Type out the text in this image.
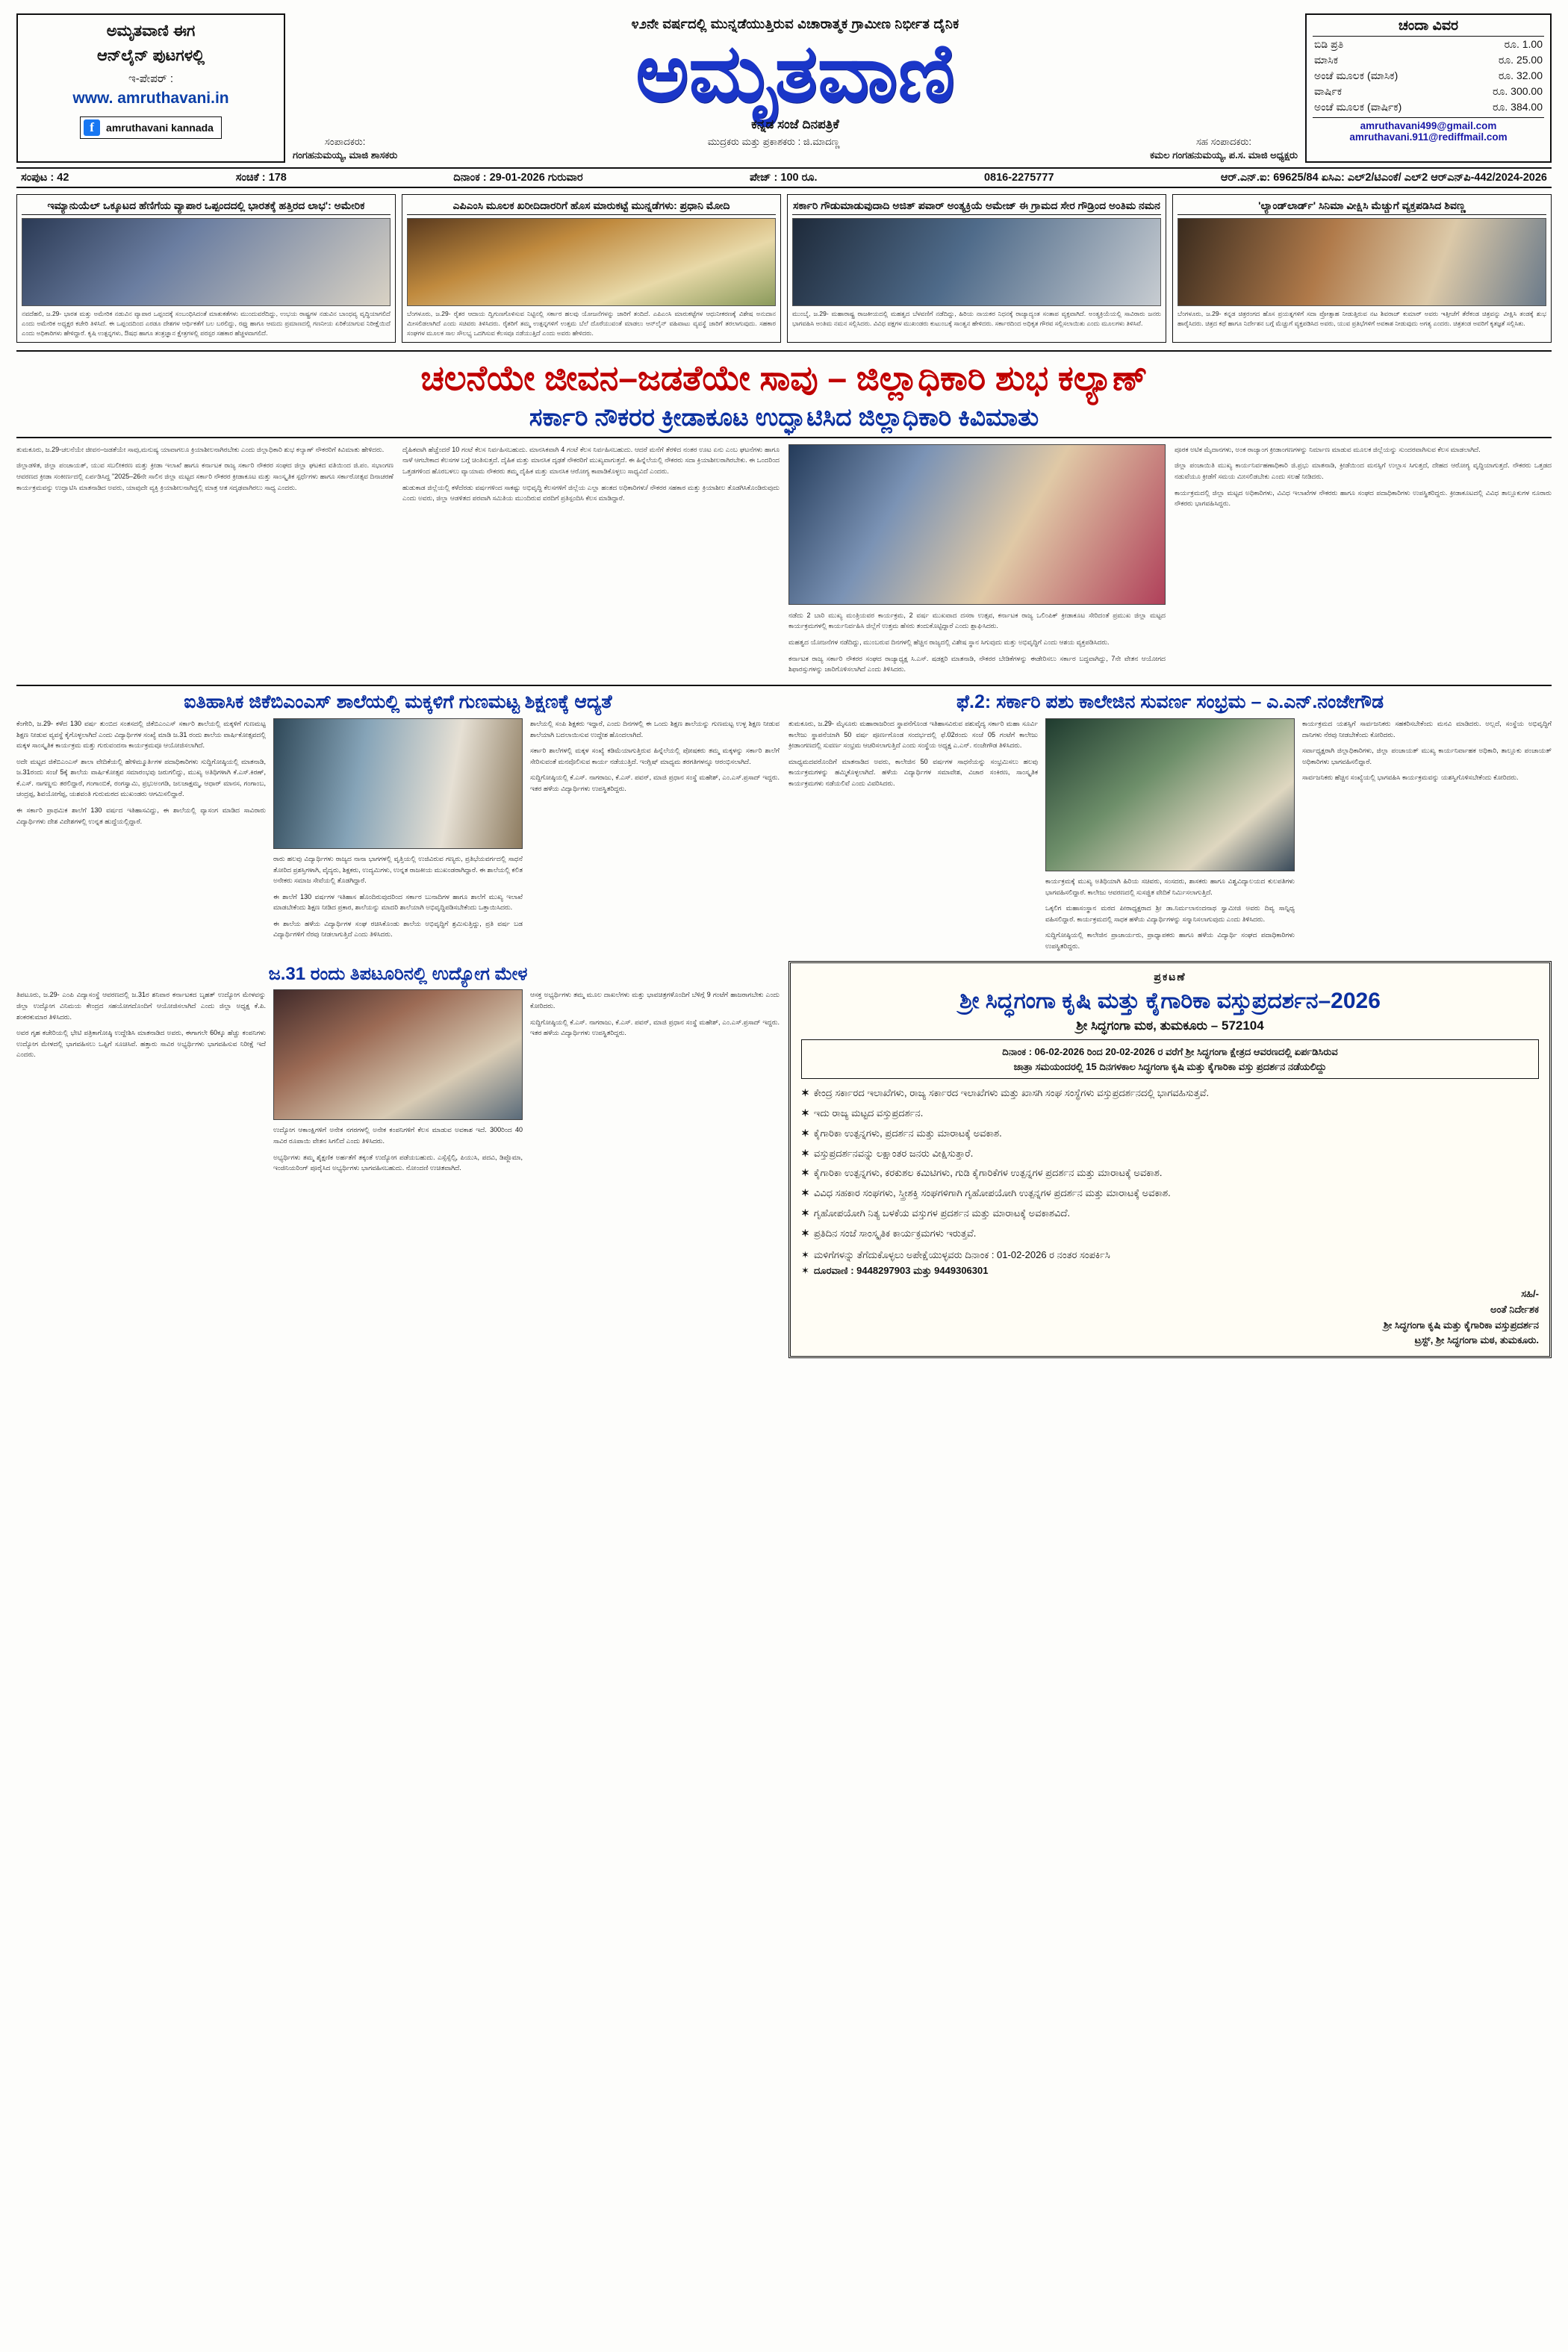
ಅಮೃತವಾಣಿ ಈಗ
ಆನ್‌ಲೈನ್ ಪುಟಗಳಲ್ಲಿ
ಇ-ಪೇಪರ್ :
www. amruthavani.in
f	amruthavani kannada
೪೨ನೇ ವರ್ಷದಲ್ಲಿ ಮುನ್ನಡೆಯುತ್ತಿರುವ ವಿಚಾರಾತ್ಮಕ ಗ್ರಾಮೀಣ ನಿರ್ಭೀತ ದೈನಿಕ
ಅಮೃತವಾಣಿ
ಕನ್ನಡ ಸಂಜೆ ದಿನಪತ್ರಿಕೆ
ಸಂಪಾದಕರು:
ಗಂಗಹನುಮಯ್ಯ, ಮಾಜಿ ಶಾಸಕರು
ಮುದ್ರಕರು ಮತ್ತು ಪ್ರಕಾಶಕರು : ಜಿ.ಮಾದಣ್ಣ	ಸಹ ಸಂಪಾದಕರು:
ಕಮಲ ಗಂಗಹನುಮಯ್ಯ, ಪ.ಸ. ಮಾಜಿ ಅಧ್ಯಕ್ಷರು
ಚಂದಾ ವಿವರ
ಬಿಡಿ ಪ್ರತಿ	ರೂ. 1.00
ಮಾಸಿಕ	ರೂ. 25.00
ಅಂಚೆ ಮೂಲಕ (ಮಾಸಿಕ)	ರೂ. 32.00
ವಾರ್ಷಿಕ	ರೂ. 300.00
ಅಂಚೆ ಮೂಲಕ (ವಾರ್ಷಿಕ)	ರೂ. 384.00
amruthavani499@gmail.com
amruthavani.911@rediffmail.com
ಸಂಪುಟ : 42	ಸಂಚಿಕೆ : 178	ದಿನಾಂಕ : 29-01-2026 ಗುರುವಾರ	ಪೇಜ್ : 100 ರೂ.	0816-2275777	ಆರ್.ಎನ್.ಐ: 69625/84 ಏಸಿಎ: ಎಲ್2/ಟಿಎಂಕೆ/ ಎಲ್2 ಆರ್‌ಎನ್‌ಪಿ-442/2024-2026
ಇಮ್ಯಾನುಯೆಲ್ ಒಕ್ಕೂಟದ ಹೆಣಿಗೆಯ ವ್ಯಾಪಾರ ಒಪ್ಪಂದದಲ್ಲಿ ಭಾರತಕ್ಕೆ ಹತ್ತಿರದ ಲಾಭ': ಅಮೇರಿಕ
ನವದೆಹಲಿ, ಜ.29- ಭಾರತ ಮತ್ತು ಅಮೇರಿಕ ನಡುವಿನ ವ್ಯಾಪಾರ ಒಪ್ಪಂದಕ್ಕೆ ಸಂಬಂಧಿಸಿದಂತೆ ಮಾತುಕತೆಗಳು ಮುಂದುವರೆದಿದ್ದು, ಉಭಯ ರಾಷ್ಟ್ರಗಳ ನಡುವಿನ ಬಾಂಧವ್ಯ ವೃದ್ಧಿಯಾಗಲಿದೆ ಎಂದು ಅಮೇರಿಕ ಅಧ್ಯಕ್ಷರ ಕಚೇರಿ ತಿಳಿಸಿದೆ. ಈ ಒಪ್ಪಂದದಿಂದ ಎರಡೂ ದೇಶಗಳ ಆರ್ಥಿಕತೆಗೆ ಬಲ ಬರಲಿದ್ದು, ರಫ್ತು ಹಾಗೂ ಆಮದು ಪ್ರಮಾಣದಲ್ಲಿ ಗಣನೀಯ ಏರಿಕೆಯಾಗುವ ನಿರೀಕ್ಷೆಯಿದೆ ಎಂದು ಅಧಿಕಾರಿಗಳು ಹೇಳಿದ್ದಾರೆ. ಕೃಷಿ ಉತ್ಪನ್ನಗಳು, ಔಷಧ ಹಾಗೂ ತಂತ್ರಜ್ಞಾನ ಕ್ಷೇತ್ರಗಳಲ್ಲಿ ಪರಸ್ಪರ ಸಹಕಾರ ಹೆಚ್ಚಳವಾಗಲಿದೆ.
ಎಪಿಎಂಸಿ ಮೂಲಕ ಖರೀದಿದಾರರಿಗೆ ಹೊಸ ಮಾರುಕಟ್ಟೆ ಮುನ್ನಡೆಗಳು: ಪ್ರಧಾನಿ ಮೋದಿ
ಬೆಂಗಳೂರು, ಜ.29- ರೈತರ ಆದಾಯ ದ್ವಿಗುಣಗೊಳಿಸುವ ನಿಟ್ಟಿನಲ್ಲಿ ಸರ್ಕಾರ ಹಲವು ಯೋಜನೆಗಳನ್ನು ಜಾರಿಗೆ ತಂದಿದೆ. ಎಪಿಎಂಸಿ ಮಾರುಕಟ್ಟೆಗಳ ಆಧುನೀಕರಣಕ್ಕೆ ವಿಶೇಷ ಅನುದಾನ ಮೀಸಲಿಡಲಾಗಿದೆ ಎಂದು ಸಚಿವರು ತಿಳಿಸಿದರು. ರೈತರಿಗೆ ತಮ್ಮ ಉತ್ಪನ್ನಗಳಿಗೆ ಉತ್ತಮ ಬೆಲೆ ದೊರೆಯುವಂತೆ ಮಾಡಲು ಆನ್‌ಲೈನ್ ವಹಿವಾಟು ವ್ಯವಸ್ಥೆ ಜಾರಿಗೆ ತರಲಾಗುವುದು. ಸಹಕಾರ ಸಂಘಗಳ ಮೂಲಕ ಸಾಲ ಸೌಲಭ್ಯ ಒದಗಿಸುವ ಕೆಲಸವೂ ನಡೆಯುತ್ತಿದೆ ಎಂದು ಅವರು ಹೇಳಿದರು.
ಸರ್ಕಾರಿ ಗೌಡುಮಾಡುವುದಾದಿ ಅಜಿತ್ ಪವಾರ್ ಅಂತ್ಯಕ್ರಿಯೆ ಅಮೇಜ್ ಈ ಗ್ರಾಮದ ಸೇರ ಗೌಡ್ರಿಂದ ಅಂತಿಮ ನಮನ
ಮುಂಬೈ, ಜ.29- ಮಹಾರಾಷ್ಟ್ರ ರಾಜಕೀಯದಲ್ಲಿ ಮಹತ್ವದ ಬೆಳವಣಿಗೆ ನಡೆದಿದ್ದು, ಹಿರಿಯ ನಾಯಕರ ನಿಧನಕ್ಕೆ ರಾಜ್ಯಾದ್ಯಂತ ಸಂತಾಪ ವ್ಯಕ್ತವಾಗಿದೆ. ಅಂತ್ಯಕ್ರಿಯೆಯಲ್ಲಿ ಸಾವಿರಾರು ಜನರು ಭಾಗವಹಿಸಿ ಅಂತಿಮ ನಮನ ಸಲ್ಲಿಸಿದರು. ವಿವಿಧ ಪಕ್ಷಗಳ ಮುಖಂಡರು ಕುಟುಂಬಕ್ಕೆ ಸಾಂತ್ವನ ಹೇಳಿದರು. ಸರ್ಕಾರದಿಂದ ಅಧಿಕೃತ ಗೌರವ ಸಲ್ಲಿಸಲಾಯಿತು ಎಂದು ಮೂಲಗಳು ತಿಳಿಸಿವೆ.
'ಲ್ಯಾಂಡ್‌ಲಾರ್ಡ್' ಸಿನಿಮಾ ವೀಕ್ಷಿಸಿ ಮೆಚ್ಚುಗೆ ವ್ಯಕ್ತಪಡಿಸಿದ ಶಿವಣ್ಣ
ಬೆಂಗಳೂರು, ಜ.29- ಕನ್ನಡ ಚಿತ್ರರಂಗದ ಹೊಸ ಪ್ರಯತ್ನಗಳಿಗೆ ಸದಾ ಪ್ರೋತ್ಸಾಹ ನೀಡುತ್ತಿರುವ ನಟ ಶಿವರಾಜ್ ಕುಮಾರ್ ಅವರು ಇತ್ತೀಚೆಗೆ ತೆರೆಕಂಡ ಚಿತ್ರವನ್ನು ವೀಕ್ಷಿಸಿ ತಂಡಕ್ಕೆ ಶುಭ ಹಾರೈಸಿದರು. ಚಿತ್ರದ ಕಥೆ ಹಾಗೂ ನಿರ್ದೇಶನ ಬಗ್ಗೆ ಮೆಚ್ಚುಗೆ ವ್ಯಕ್ತಪಡಿಸಿದ ಅವರು, ಯುವ ಪ್ರತಿಭೆಗಳಿಗೆ ಅವಕಾಶ ನೀಡುವುದು ಅಗತ್ಯ ಎಂದರು. ಚಿತ್ರತಂಡ ಅವರಿಗೆ ಕೃತಜ್ಞತೆ ಸಲ್ಲಿಸಿತು.
ಚಲನೆಯೇ ಜೀವನ–ಜಡತೆಯೇ ಸಾವು – ಜಿಲ್ಲಾಧಿಕಾರಿ ಶುಭ ಕಲ್ಯಾಣ್
ಸರ್ಕಾರಿ ನೌಕರರ ಕ್ರೀಡಾಕೂಟ ಉದ್ಘಾಟಿಸಿದ ಜಿಲ್ಲಾಧಿಕಾರಿ ಕಿವಿಮಾತು

ತುಮಕೂರು, ಜ.29-ಚಲನೆಯೇ ಜೀವನ–ಜಡತೆಯೇ ಸಾವು,ಮನುಷ್ಯ ಯಾವಾಗಲೂ ಕ್ರಿಯಾಶೀಲನಾಗಿರಬೇಕು ಎಂದು ಜಿಲ್ಲಾಧಿಕಾರಿ ಶುಭ ಕಲ್ಯಾಣ್ ನೌಕರರಿಗೆ ಕಿವಿಮಾತು ಹೇಳಿದರು.

ಜಿಲ್ಲಾಡಳಿತ, ಜಿಲ್ಲಾ ಪಂಚಾಯತ್, ಯುವ ಸಬಲೀಕರಣ ಮತ್ತು ಕ್ರೀಡಾ ಇಲಾಖೆ ಹಾಗೂ ಕರ್ನಾಟಕ ರಾಜ್ಯ ಸರ್ಕಾರಿ ನೌಕರರ ಸಂಘದ ಜಿಲ್ಲಾ ಘಟಕದ ವತಿಯಿಂದ ಜಿ.ಪಂ. ಸಭಾಂಗಣ ಆವರಣದ ಕ್ರೀಡಾ ಸಂಕೀರ್ಣದಲ್ಲಿ ಏರ್ಪಡಿಸಿದ್ದ "2025–26ನೇ ಸಾಲಿನ ಜಿಲ್ಲಾ ಮಟ್ಟದ ಸರ್ಕಾರಿ ನೌಕರರ ಕ್ರೀಡಾಕೂಟ ಮತ್ತು ಸಾಂಸ್ಕೃತಿಕ ಸ್ಪರ್ಧೆಗಳು ಹಾಗೂ ಸರ್ಕಾರೋತ್ಸವ ದಿನಾಚರಣೆ ಕಾರ್ಯಕ್ರಮವನ್ನು ಉದ್ಘಾಟಿಸಿ ಮಾತನಾಡಿದ ಅವರು, ಯಾವುದೇ ವ್ಯಕ್ತಿ ಕ್ರಿಯಾಶೀಲನಾಗಿದ್ದಲ್ಲಿ ಮಾತ್ರ ಆತ ಸದೃಢವಾಗಿರಲು ಸಾಧ್ಯ ಎಂದರು.

ದೈಹಿಕವಾಗಿ ಹೆಚ್ಚೆಂದರೆ 10 ಗಂಟೆ ಕೆಲಸ ನಿರ್ವಹಿಸಬಹುದು. ಮಾನಸಿಕವಾಗಿ 4 ಗಂಟೆ ಕೆಲಸ ನಿರ್ವಹಿಸಬಹುದು. ಆದರೆ ಮನೆಗೆ ತೆರಳಿದ ನಂತರ ಊಟ ಏನು ಎಂಬ ಘಟನೆಗಳು ಹಾಗೂ ನಾಳೆ ಆಗಬೇಕಾದ ಕೆಲಸಗಳ ಬಗ್ಗೆ ಚಿಂತಿಸುತ್ತದೆ. ದೈಹಿಕ ಮತ್ತು ಮಾನಸಿಕ ದೃಢತೆ ನೌಕರರಿಗೆ ಮುಖ್ಯವಾಗುತ್ತದೆ. ಈ ಹಿನ್ನೆಲೆಯಲ್ಲಿ ನೌಕರರು ಸದಾ ಕ್ರಿಯಾಶೀಲರಾಗಿರಬೇಕು. ಈ ಒಂದರಿಂದ ಒತ್ತಡಗಳಿಂದ ಹೊರಬಳಲು ವ್ಯಾಯಾಮ ನೌಕರರು ತಮ್ಮ ದೈಹಿಕ ಮತ್ತು ಮಾನಸಿಕ ಆರೋಗ್ಯ ಕಾಪಾಡಿಕೊಳ್ಳಲು ಸಾಧ್ಯವಿದೆ ಎಂದರು.

ಹುಡುಕಾಡ ಜಿಲ್ಲೆಯಲ್ಲಿ ಕಳೆದೆರಡು ವರ್ಷಗಳಿಂದ ಸಾಕಷ್ಟು ಅಭಿವೃದ್ಧಿ ಕೆಲಸಗಳಿಗೆ ಜಿಲ್ಲೆಯ ಎಲ್ಲಾ ಹಂತದ ಅಧಿಕಾರಿಗಳು/ ನೌಕರರ ಸಹಕಾರ ಮತ್ತು ಕ್ರಿಯಾಶೀಲ ತೊಡಗಿಸಿಕೊಂಡಿರುವುದು ಎಂದು ಅವರು, ಜಿಲ್ಲಾ ಆಡಳಿತದ ಪರವಾಗಿ ಸಮಿತಿಯ ಮುಂದಿರುವ ವರದಿಗೆ ಪ್ರತಿಸ್ಪಂದಿಸಿ ಕೆಲಸ ಮಾಡಿದ್ದಾರೆ.

ನಡೆದು 2 ಬಾರಿ ಮುಖ್ಯ ಮಂತ್ರಿಯವರ ಕಾರ್ಯಕ್ರಮ, 2 ವರ್ಷ ಮುಖವಾದ ದಸರಾ ಉತ್ಸವ, ಕರ್ನಾಟಕ ರಾಜ್ಯ ಒಲಿಂಪಿಕ್ ಕ್ರೀಡಾಕೂಟ ಸೇರಿದಂತೆ ಪ್ರಮುಖ ಜಿಲ್ಲಾ ಮಟ್ಟದ ಕಾರ್ಯಕ್ರಮಗಳಲ್ಲಿ ಕಾರ್ಯನಿರ್ವಹಿಸಿ ಜಿಲ್ಲೆಗೆ ಉತ್ತಮ ಹೆಸರು ತಂದುಕೊಟ್ಟಿದ್ದಾರೆ ಎಂದು ಶ್ಲಾಘಿಸಿದರು.

ಮಹತ್ವದ ಯೋಜನೆಗಳ ನಡೆದಿದ್ದು, ಮುಂಬರುವ ದಿನಗಳಲ್ಲಿ ಹೆಚ್ಚಿನ ರಾಜ್ಯದಲ್ಲಿ ವಿಶೇಷ ಸ್ಥಾನ ಸಿಗುವುದು ಮತ್ತು ಅಭಿವೃದ್ಧಿಗೆ ಎಂದು ಆಶಯ ವ್ಯಕ್ತಪಡಿಸಿದರು.

ಕರ್ನಾಟಕ ರಾಜ್ಯ ಸರ್ಕಾರಿ ನೌಕರರ ಸಂಘದ ರಾಜ್ಯಾಧ್ಯಕ್ಷ ಸಿ.ಎಸ್. ಷಡಕ್ಷರಿ ಮಾತನಾಡಿ, ನೌಕರರ ಬೇಡಿಕೆಗಳನ್ನು ಈಡೇರಿಸಲು ಸರ್ಕಾರ ಬದ್ಧವಾಗಿದ್ದು, 7ನೇ ವೇತನ ಆಯೋಗದ ಶಿಫಾರಸ್ಸುಗಳನ್ನು ಜಾರಿಗೊಳಿಸಲಾಗಿದೆ ಎಂದು ತಿಳಿಸಿದರು.

ಪೂರಕ ಅಟಿಕ ಮೈದಾನಗಳು, ಅಂಕ ರಾಜ್ಯಾಂಗ ಕ್ರೀಡಾಂಗಣಗಳನ್ನು ನಿರ್ಮಾಣ ಮಾಡುವ ಮೂಲಕ ಜಿಲ್ಲೆಯನ್ನು ಸುಂದರವಾಗಿಸುವ ಕೆಲಸ ಮಾಡಲಾಗಿದೆ.

ಜಿಲ್ಲಾ ಪಂಚಾಯಿತಿ ಮುಖ್ಯ ಕಾರ್ಯನಿರ್ವಹಣಾಧಿಕಾರಿ ಜಿ.ಪ್ರಭು ಮಾತನಾಡಿ, ಕ್ರೀಡೆಯಿಂದ ಮನಸ್ಸಿಗೆ ಉಲ್ಲಾಸ ಸಿಗುತ್ತದೆ, ದೇಹದ ಆರೋಗ್ಯ ವೃದ್ಧಿಯಾಗುತ್ತದೆ. ನೌಕರರು ಒತ್ತಡದ ನಡುವೆಯೂ ಕ್ರೀಡೆಗೆ ಸಮಯ ಮೀಸಲಿಡಬೇಕು ಎಂದು ಸಲಹೆ ನೀಡಿದರು.

ಕಾರ್ಯಕ್ರಮದಲ್ಲಿ ಜಿಲ್ಲಾ ಮಟ್ಟದ ಅಧಿಕಾರಿಗಳು, ವಿವಿಧ ಇಲಾಖೆಗಳ ನೌಕರರು ಹಾಗೂ ಸಂಘದ ಪದಾಧಿಕಾರಿಗಳು ಉಪಸ್ಥಿತರಿದ್ದರು. ಕ್ರೀಡಾಕೂಟದಲ್ಲಿ ವಿವಿಧ ತಾಲ್ಲೂಕುಗಳ ನೂರಾರು ನೌಕರರು ಭಾಗವಹಿಸಿದ್ದರು.

ಐತಿಹಾಸಿಕ ಜಿಕೆಬಿಎಂಎಸ್ ಶಾಲೆಯಲ್ಲಿ ಮಕ್ಕಳಿಗೆ ಗುಣಮಟ್ಟ ಶಿಕ್ಷಣಕ್ಕೆ ಆದ್ಯತೆ

ಕೆಂಗೇರಿ, ಜ.29- ಕಳೆದ 130 ವರ್ಷ ತುಂಬಿದ ಸಂತಸದಲ್ಲಿ ಜಿಕೆಬಿಎಂಎಸ್ ಸರ್ಕಾರಿ ಶಾಲೆಯಲ್ಲಿ ಮಕ್ಕಳಿಗೆ ಗುಣಮಟ್ಟ ಶಿಕ್ಷಣ ನೀಡುವ ವ್ಯವಸ್ಥೆ ಕೈಗೊಳ್ಳಲಾಗಿದೆ ಎಂದು ವಿದ್ಯಾರ್ಥಿಗಳ ಸಂಖ್ಯೆ ಮಾಡಿ ಜ.31 ರಂದು ಶಾಲೆಯ ವಾರ್ಷಿಕೋತ್ಸವದಲ್ಲಿ ಮಕ್ಕಳ ಸಾಂಸ್ಕೃತಿಕ ಕಾರ್ಯಕ್ರಮ ಮತ್ತು ಗುರುವಂದನಾ ಕಾರ್ಯಕ್ರಮವೂ ಆಯೋಜಿಸಲಾಗಿದೆ.

ಅದೇ ಮಟ್ಟದ ಜಿಕೆಬಿಎಂಎಸ್ ಶಾಲಾ ವೇದಿಕೆಯಲ್ಲಿ ಹೇಳಿಮ್ಮೂರ್ತಿಗಳ ಪದಾಧಿಕಾರಿಗಳು ಸುದ್ದಿಗೋಷ್ಠಿಯಲ್ಲಿ ಮಾತನಾಡಿ, ಜ.31ರಂದು ಸಂಜೆ 5ಕ್ಕೆ ಶಾಲೆಯ ವಾರ್ಷಿಕೋತ್ಸವ ಸಮಾರಂಭವು ಜರುಗಲಿದ್ದು, ಮುಖ್ಯ ಅತಿಥಿಗಳಾಗಿ ಕೆ.ಎಸ್.ಕಿರಣ್, ಕೆ.ಎಸ್. ನಾಗಣ್ಣನು ತರಲಿದ್ದಾರೆ, ಗಂಗಾಂಬಿಕೆ, ರಂಗಸ್ವಾಮಿ, ಪ್ರಭುಅಂಗಡಿ, ಜಲಜಾಕ್ಷಮ್ಮ, ಆಧಾರ್ ಮಾನಸ, ಗಂಗಾಂಬ, ಚಂದ್ರಪ್ಪ, ಶಿವಯೋಗೆಪ್ಪ, ಯಶವಂತಿ ಗುರುಮಠದ ಮುಖಂಡರು ಆಗಮಿಸಲಿದ್ದಾರೆ.

ಈ ಸರ್ಕಾರಿ ಪ್ರಾಥಮಿಕ ಶಾಲೆಗೆ 130 ವರ್ಷದ ಇತಿಹಾಸವಿದ್ದು, ಈ ಶಾಲೆಯಲ್ಲಿ ವ್ಯಾಸಂಗ ಮಾಡಿದ ಸಾವಿರಾರು ವಿದ್ಯಾರ್ಥಿಗಳು ದೇಶ ವಿದೇಶಗಳಲ್ಲಿ ಉನ್ನತ ಹುದ್ದೆಯಲ್ಲಿದ್ದಾರೆ.

ರಾರು ಹಲವು ವಿದ್ಯಾರ್ಥಿಗಳು ರಾಜ್ಯದ ನಾನಾ ಭಾಗಗಳಲ್ಲಿ ವೃತ್ತಿಯಲ್ಲಿ ಉಜಿವಿರುವ ಗಣ್ಯರು, ಪ್ರತಿಭೆಯವರ್ಗದಲ್ಲಿ ಸಾಧನೆ ತೋರಿದ ಪ್ರಶಸ್ತಿಗಳಾಗಿ, ವೈದ್ಯರು, ಶಿಕ್ಷಕರು, ಉದ್ಯಮಿಗಳು, ಉನ್ನತ ರಾಜಕೀಯ ಮುಖಂಡರಾಗಿದ್ದಾರೆ. ಈ ಶಾಲೆಯಲ್ಲಿ ಕಲಿತ ಅನೇಕರು ಸಮಾಜ ಸೇವೆಯಲ್ಲಿ ತೊಡಗಿದ್ದಾರೆ.

ಈ ಶಾಲೆಗೆ 130 ವರ್ಷಗಳ ಇತಿಹಾಸ ಹೊಂದಿರುವುದರಿಂದ ಸರ್ಕಾರ ಬುನಾದಿಗಳ ಹಾಗೂ ಶಾಲೆಗೆ ಮುಖ್ಯ ಇಲಾಖೆ ಮಾಡಬೇಕೆಂದು ಶಿಕ್ಷಣ ನೀಡಿದ ಪ್ರಕಾರ, ಶಾಲೆಯನ್ನು ಮಾದರಿ ಶಾಲೆಯಾಗಿ ಅಭಿವೃದ್ಧಿಪಡಿಸಬೇಕೆಂದು ಒತ್ತಾಯಿಸಿದರು.

ಈ ಶಾಲೆಯ ಹಳೆಯ ವಿದ್ಯಾರ್ಥಿಗಳ ಸಂಘ ರಚಿಸಿಕೊಂಡು ಶಾಲೆಯ ಅಭಿವೃದ್ಧಿಗೆ ಶ್ರಮಿಸುತ್ತಿದ್ದು, ಪ್ರತಿ ವರ್ಷ ಬಡ ವಿದ್ಯಾರ್ಥಿಗಳಿಗೆ ನೆರವು ನೀಡಲಾಗುತ್ತಿದೆ ಎಂದು ತಿಳಿಸಿದರು.

ಶಾಲೆಯಲ್ಲಿ ಸಂಪಿ ಶಿಕ್ಷಕರು ಇದ್ದಾರೆ, ಎಂದು ದಿನಗಳಲ್ಲಿ ಈ ಒಂದು ಶಿಕ್ಷಣ ಶಾಲೆಯನ್ನು ಗುಣಮಟ್ಟ ಉಳ್ಳ ಶಿಕ್ಷಣ ನೀಡುವ ಶಾಲೆಯಾಗಿ ಬದಲಾಯಿಸುವ ಉದ್ದೇಶ ಹೊಂದಲಾಗಿದೆ.

ಸರ್ಕಾರಿ ಶಾಲೆಗಳಲ್ಲಿ ಮಕ್ಕಳ ಸಂಖ್ಯೆ ಕಡಿಮೆಯಾಗುತ್ತಿರುವ ಹಿನ್ನೆಲೆಯಲ್ಲಿ ಪೋಷಕರು ತಮ್ಮ ಮಕ್ಕಳನ್ನು ಸರ್ಕಾರಿ ಶಾಲೆಗೆ ಸೇರಿಸುವಂತೆ ಮನವೊಲಿಸುವ ಕಾರ್ಯ ನಡೆಯುತ್ತಿದೆ. ಇಂಗ್ಲಿಷ್ ಮಾಧ್ಯಮ ತರಗತಿಗಳನ್ನೂ ಆರಂಭಿಸಲಾಗಿದೆ.

ಸುದ್ದಿಗೋಷ್ಠಿಯಲ್ಲಿ ಕೆ.ಎಸ್. ನಾಗರಾಜು, ಕೆ.ಎಸ್. ಪವನ್, ಮಾಜಿ ಪ್ರಧಾನ ಸಂಸ್ಥೆ ಮಹೇಶ್, ಎಂ.ಎಸ್.ಪ್ರಸಾದ್ ಇದ್ದರು. ಇತರ ಹಳೆಯ ವಿದ್ಯಾರ್ಥಿಗಳು ಉಪಸ್ಥಿತರಿದ್ದರು.

ಫೆ.2: ಸರ್ಕಾರಿ ಪಶು ಕಾಲೇಜಿನ ಸುವರ್ಣ ಸಂಭ್ರಮ – ಎ.ಎನ್.ನಂಜೇಗೌಡ

ತುಮಕೂರು, ಜ.29- ಮೈಸೂರು ಮಹಾರಾಜರಿಂದ ಸ್ಥಾಪನೆಗೊಂಡ ಇತಿಹಾಸವಿರುವ ಪಶುವೈದ್ಯ ಸರ್ಕಾರಿ ಮಹಾ ಸೂರ್ವಿ ಕಾಲೇಜು ಸ್ಥಾಪನೆಯಾಗಿ 50 ವರ್ಷ ಪೂರ್ಣಗೊಂಡ ಸಂದರ್ಭದಲ್ಲಿ ಫೆ.02ರಂದು ಸಂಜೆ 05 ಗಂಟೆಗೆ ಕಾಲೇಜು ಕ್ರೀಡಾಂಗಣದಲ್ಲಿ ಸುವರ್ಣ ಸಂಭ್ರಮ ಆಚರಿಸಲಾಗುತ್ತಿದೆ ಎಂದು ಸಂಸ್ಥೆಯ ಅಧ್ಯಕ್ಷ ಎ.ಎನ್. ನಂಜೇಗೌಡ ತಿಳಿಸಿದರು.

ಮಾಧ್ಯಮದವರೊಂದಿಗೆ ಮಾತನಾಡಿದ ಅವರು, ಕಾಲೇಜಿನ 50 ವರ್ಷಗಳ ಸಾಧನೆಯನ್ನು ಸಂಭ್ರಮಿಸಲು ಹಲವು ಕಾರ್ಯಕ್ರಮಗಳನ್ನು ಹಮ್ಮಿಕೊಳ್ಳಲಾಗಿದೆ. ಹಳೆಯ ವಿದ್ಯಾರ್ಥಿಗಳ ಸಮಾವೇಶ, ವಿಚಾರ ಸಂಕಿರಣ, ಸಾಂಸ್ಕೃತಿಕ ಕಾರ್ಯಕ್ರಮಗಳು ನಡೆಯಲಿವೆ ಎಂದು ವಿವರಿಸಿದರು.

ಕಾರ್ಯಕ್ರಮಕ್ಕೆ ಮುಖ್ಯ ಅತಿಥಿಯಾಗಿ ಹಿರಿಯ ಸಚಿವರು, ಸಂಸದರು, ಶಾಸಕರು ಹಾಗೂ ವಿಶ್ವವಿದ್ಯಾಲಯದ ಕುಲಪತಿಗಳು ಭಾಗವಹಿಸಲಿದ್ದಾರೆ. ಕಾಲೇಜು ಆವರಣದಲ್ಲಿ ಸುಸಜ್ಜಿತ ವೇದಿಕೆ ನಿರ್ಮಿಸಲಾಗುತ್ತಿದೆ.

ಒಕ್ಕಲಿಗ ಮಹಾಸಂಸ್ಥಾನ ಮಠದ ಪೀಠಾಧ್ಯಕ್ಷರಾದ ಶ್ರೀ ಡಾ.ನಿರ್ಮಲಾನಂದನಾಥ ಸ್ವಾಮೀಜಿ ಅವರು ದಿವ್ಯ ಸಾನ್ನಿಧ್ಯ ವಹಿಸಲಿದ್ದಾರೆ. ಕಾರ್ಯಕ್ರಮದಲ್ಲಿ ಸಾಧಕ ಹಳೆಯ ವಿದ್ಯಾರ್ಥಿಗಳನ್ನು ಸನ್ಮಾನಿಸಲಾಗುವುದು ಎಂದು ತಿಳಿಸಿದರು.

ಸುದ್ದಿಗೋಷ್ಠಿಯಲ್ಲಿ ಕಾಲೇಜಿನ ಪ್ರಾಚಾರ್ಯರು, ಪ್ರಾಧ್ಯಾಪಕರು ಹಾಗೂ ಹಳೆಯ ವಿದ್ಯಾರ್ಥಿ ಸಂಘದ ಪದಾಧಿಕಾರಿಗಳು ಉಪಸ್ಥಿತರಿದ್ದರು.

ಕಾರ್ಯಕ್ರಮದ ಯಶಸ್ಸಿಗೆ ಸಾರ್ವಜನಿಕರು ಸಹಕರಿಸಬೇಕೆಂದು ಮನವಿ ಮಾಡಿದರು. ಅಲ್ಲದೆ, ಸಂಸ್ಥೆಯ ಅಭಿವೃದ್ಧಿಗೆ ದಾನಿಗಳು ನೆರವು ನೀಡಬೇಕೆಂದು ಕೋರಿದರು.

ಸರ್ವಾಧ್ಯಕ್ಷರಾಗಿ ಜಿಲ್ಲಾಧಿಕಾರಿಗಳು, ಜಿಲ್ಲಾ ಪಂಚಾಯತ್ ಮುಖ್ಯ ಕಾರ್ಯನಿರ್ವಾಹಕ ಅಧಿಕಾರಿ, ತಾಲ್ಲೂಕು ಪಂಚಾಯತ್ ಅಧಿಕಾರಿಗಳು ಭಾಗವಹಿಸಲಿದ್ದಾರೆ.

ಸಾರ್ವಜನಿಕರು ಹೆಚ್ಚಿನ ಸಂಖ್ಯೆಯಲ್ಲಿ ಭಾಗವಹಿಸಿ ಕಾರ್ಯಕ್ರಮವನ್ನು ಯಶಸ್ವಿಗೊಳಿಸಬೇಕೆಂದು ಕೋರಿದರು.

ಜ.31 ರಂದು ತಿಪಟೂರಿನಲ್ಲಿ ಉದ್ಯೋಗ ಮೇಳ

ತಿಪಟೂರು, ಜ.29- ಎಂಪಿ ವಿದ್ಯಾಸಂಸ್ಥೆ ಆವರಣದಲ್ಲಿ ಜ.31ರ ಶನಿವಾರ ಕರ್ನಾಟಕದ ಬೃಹತ್ ಉದ್ಯೋಗ ಮೇಳವನ್ನು ಜಿಲ್ಲಾ ಉದ್ಯೋಗ ವಿನಿಮಯ ಕೇಂದ್ರದ ಸಹಯೋಗದೊಂದಿಗೆ ಆಯೋಜಿಸಲಾಗಿದೆ ಎಂದು ಜಿಲ್ಲಾ ಅಧ್ಯಕ್ಷ ಕೆ.ಪಿ. ಶಂಕರಕುಮಾರ ತಿಳಿಸಿದರು.

ಅವರ ಗೃಹ ಕಚೇರಿಯಲ್ಲಿ ಭೇಟಿ ಪತ್ರಿಕಾಗೋಷ್ಠಿ ಉದ್ದೇಶಿಸಿ ಮಾತನಾಡಿದ ಅವರು, ಈಗಾಗಲೇ 60ಕ್ಕೂ ಹೆಚ್ಚು ಕಂಪನಿಗಳು ಉದ್ಯೋಗ ಮೇಳದಲ್ಲಿ ಭಾಗವಹಿಸಲು ಒಪ್ಪಿಗೆ ಸೂಚಿಸಿವೆ. ಹತ್ತಾರು ಸಾವಿರ ಅಭ್ಯರ್ಥಿಗಳು ಭಾಗವಹಿಸುವ ನಿರೀಕ್ಷೆ ಇದೆ ಎಂದರು.

ಉದ್ಯೋಗ ಆಕಾಂಕ್ಷಿಗಳಿಗೆ ಅನೇಕ ನಗರಗಳಲ್ಲಿ ಅನೇಕ ಕಂಪನಿಗಳಿಗೆ ಕೆಲಸ ಮಾಡುವ ಅವಕಾಶ ಇದೆ. 300ರಿಂದ 40 ಸಾವಿರ ರೂಪಾಯಿ ವೇತನ ಸಿಗಲಿದೆ ಎಂದು ತಿಳಿಸಿದರು.

ಅಭ್ಯರ್ಥಿಗಳು ತಮ್ಮ ಶೈಕ್ಷಣಿಕ ಅರ್ಹತೆಗೆ ತಕ್ಕಂತೆ ಉದ್ಯೋಗ ಪಡೆಯಬಹುದು. ಎಸ್ಸೆಸ್ಸೆಲ್ಸಿ, ಪಿಯುಸಿ, ಪದವಿ, ಡಿಪ್ಲೊಮಾ, ಇಂಜಿನಿಯರಿಂಗ್ ಪೂರೈಸಿದ ಅಭ್ಯರ್ಥಿಗಳು ಭಾಗವಹಿಸಬಹುದು. ನೋಂದಣಿ ಉಚಿತವಾಗಿದೆ.

ಆಸಕ್ತ ಅಭ್ಯರ್ಥಿಗಳು ತಮ್ಮ ಮೂಲ ದಾಖಲೆಗಳು ಮತ್ತು ಭಾವಚಿತ್ರಗಳೊಂದಿಗೆ ಬೆಳಿಗ್ಗೆ 9 ಗಂಟೆಗೆ ಹಾಜರಾಗಬೇಕು ಎಂದು ಕೋರಿದರು.

ಸುದ್ದಿಗೋಷ್ಠಿಯಲ್ಲಿ ಕೆ.ಎಸ್. ನಾಗರಾಜು, ಕೆ.ಎಸ್. ಪವನ್, ಮಾಜಿ ಪ್ರಧಾನ ಸಂಸ್ಥೆ ಮಹೇಶ್, ಎಂ.ಎಸ್.ಪ್ರಸಾದ್ ಇದ್ದರು. ಇತರ ಹಳೆಯ ವಿದ್ಯಾರ್ಥಿಗಳು ಉಪಸ್ಥಿತರಿದ್ದರು.

ಪ್ರಕಟಣೆ
ಶ್ರೀ ಸಿದ್ಧಗಂಗಾ ಕೃಷಿ ಮತ್ತು ಕೈಗಾರಿಕಾ ವಸ್ತುಪ್ರದರ್ಶನ–2026
ಶ್ರೀ ಸಿದ್ಧಗಂಗಾ ಮಠ, ತುಮಕೂರು – 572104
ದಿನಾಂಕ : 06-02-2026 ರಿಂದ 20-02-2026 ರ ವರೆಗೆ ಶ್ರೀ ಸಿದ್ಧಗಂಗಾ ಕ್ಷೇತ್ರದ ಆವರಣದಲ್ಲಿ ಏರ್ಪಡಿಸಿರುವ
ಜಾತ್ರಾ ಸಮಯಂದರಲ್ಲಿ 15 ದಿನಗಳಕಾಲ ಸಿದ್ಧಗಂಗಾ ಕೃಷಿ ಮತ್ತು ಕೈಗಾರಿಕಾ ವಸ್ತು ಪ್ರದರ್ಶನ ನಡೆಯಲಿದ್ದು
✶ ಕೇಂದ್ರ ಸರ್ಕಾರದ ಇಲಾಖೆಗಳು, ರಾಜ್ಯ ಸರ್ಕಾರದ ಇಲಾಖೆಗಳು ಮತ್ತು ಖಾಸಗಿ ಸಂಘ ಸಂಸ್ಥೆಗಳು ವಸ್ತುಪ್ರದರ್ಶನದಲ್ಲಿ ಭಾಗವಹಿಸುತ್ತವೆ.
✶ ಇದು ರಾಜ್ಯ ಮಟ್ಟದ ವಸ್ತುಪ್ರದರ್ಶನ.
✶ ಕೈಗಾರಿಕಾ ಉತ್ಪನ್ನಗಳು, ಪ್ರದರ್ಶನ ಮತ್ತು ಮಾರಾಟಕ್ಕೆ ಅವಕಾಶ.
✶ ವಸ್ತುಪ್ರದರ್ಶನವನ್ನು ಲಕ್ಷಾಂತರ ಜನರು ವೀಕ್ಷಿಸುತ್ತಾರೆ.
✶ ಕೈಗಾರಿಕಾ ಉತ್ಪನ್ನಗಳು, ಕರಕುಶಲ ಕಮಿಟಿಗಳು, ಗುಡಿ ಕೈಗಾರಿಕೆಗಳ ಉತ್ಪನ್ನಗಳ ಪ್ರದರ್ಶನ ಮತ್ತು ಮಾರಾಟಕ್ಕೆ ಅವಕಾಶ.
✶ ವಿವಿಧ ಸಹಕಾರ ಸಂಘಗಳು, ಸ್ತ್ರೀಶಕ್ತಿ ಸಂಘಗಳಿಗಾಗಿ ಗೃಹೋಪಯೋಗಿ ಉತ್ಪನ್ನಗಳ ಪ್ರದರ್ಶನ ಮತ್ತು ಮಾರಾಟಕ್ಕೆ ಅವಕಾಶ.
✶ ಗೃಹೋಪಯೋಗಿ ನಿತ್ಯ ಬಳಕೆಯ ವಸ್ತುಗಳ ಪ್ರದರ್ಶನ ಮತ್ತು ಮಾರಾಟಕ್ಕೆ ಅವಕಾಶವಿದೆ.
✶ ಪ್ರತಿದಿನ ಸಂಜೆ ಸಾಂಸ್ಕೃತಿಕ ಕಾರ್ಯಕ್ರಮಗಳು ಇರುತ್ತವೆ.
✶ ಮಳಿಗೆಗಳನ್ನು ತೆಗೆದುಕೊಳ್ಳಲು ಅಪೇಕ್ಷೆಯುಳ್ಳವರು ದಿನಾಂಕ : 01-02-2026 ರ ನಂತರ ಸಂಪರ್ಕಿಸಿ
✶ ದೂರವಾಣಿ : 9448297903 ಮತ್ತು 9449306301
ಸಹಿ/-
ಅಂತೆ ನಿರ್ದೇಶಕ
ಶ್ರೀ ಸಿದ್ಧಗಂಗಾ ಕೃಷಿ ಮತ್ತು ಕೈಗಾರಿಕಾ ವಸ್ತುಪ್ರದರ್ಶನ
ಟ್ರಸ್ಟ್, ಶ್ರೀ ಸಿದ್ಧಗಂಗಾ ಮಠ, ತುಮಕೂರು.
